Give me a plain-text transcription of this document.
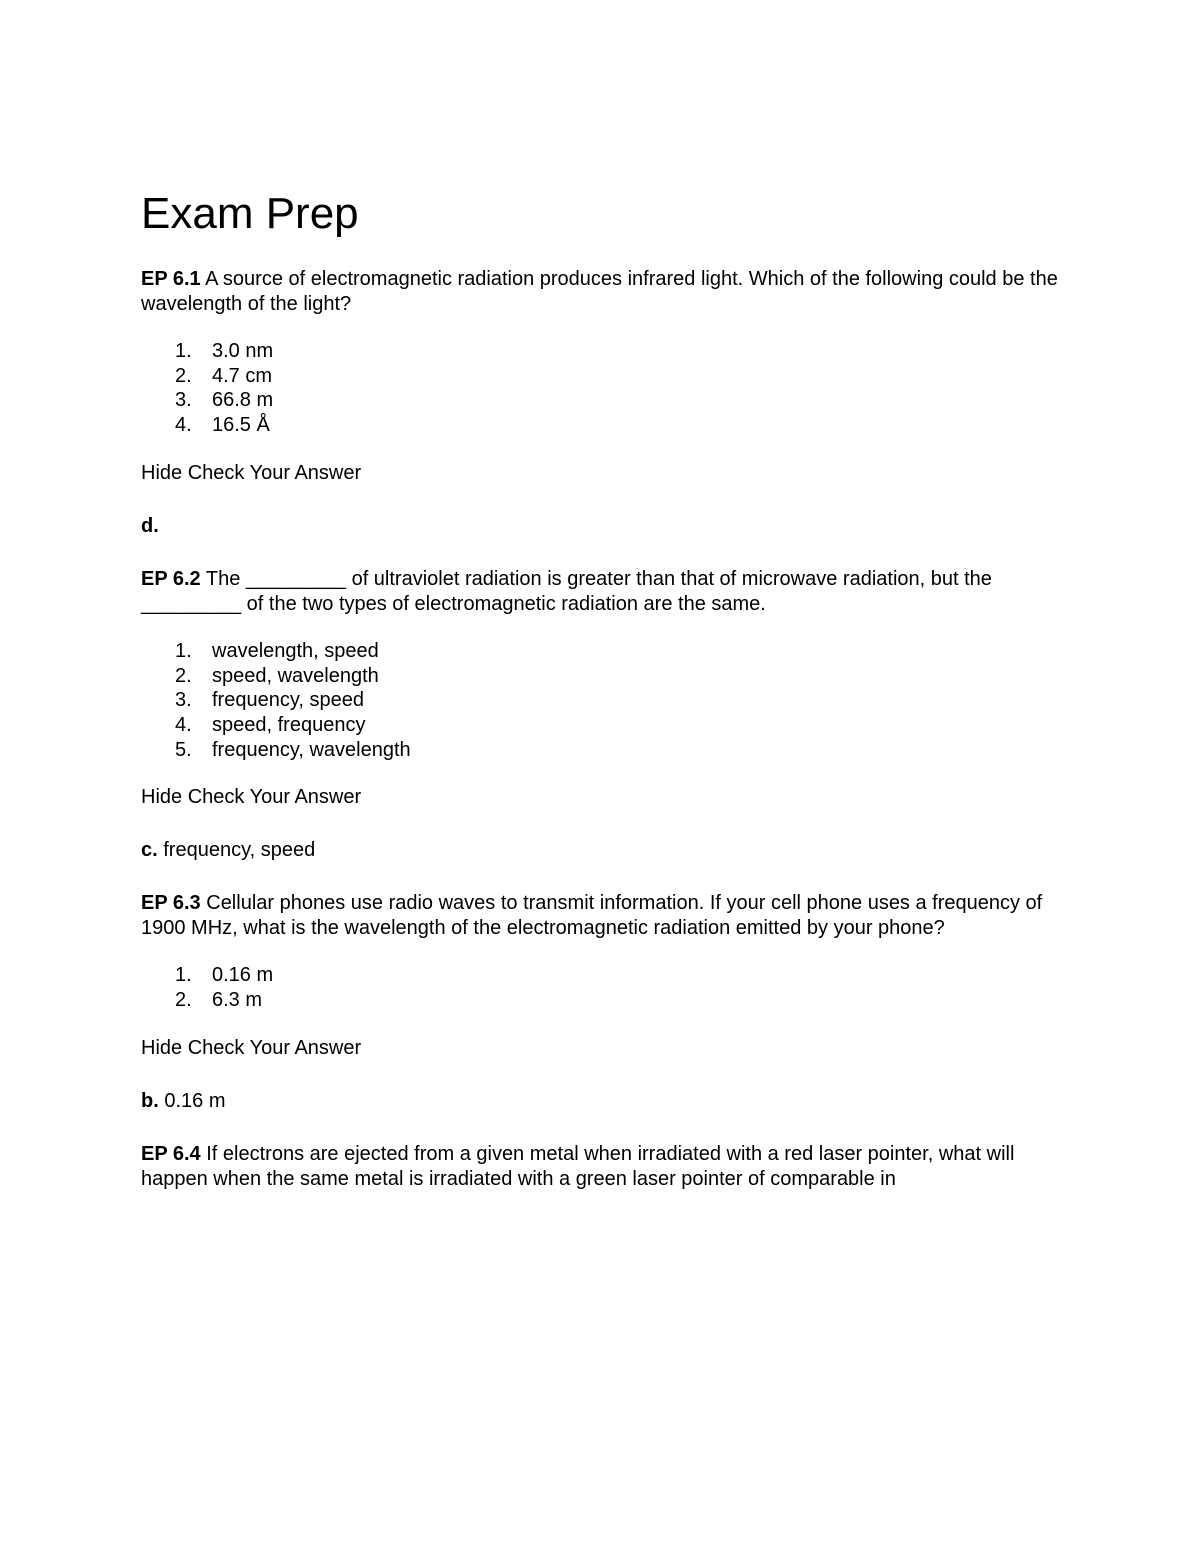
Exam Prep

EP 6.1 A source of electromagnetic radiation produces infrared light. Which of the following could be the wavelength of the light?

1.	3.0 nm
2.	4.7 cm
3.	66.8 m
4.	16.5 Å

Hide Check Your Answer

d.

EP 6.2 The _________ of ultraviolet radiation is greater than that of microwave radiation, but the _________ of the two types of electromagnetic radiation are the same.

1.	wavelength, speed
2.	speed, wavelength
3.	frequency, speed
4.	speed, frequency
5.	frequency, wavelength

Hide Check Your Answer

c. frequency, speed

EP 6.3 Cellular phones use radio waves to transmit information. If your cell phone uses a frequency of 1900 MHz, what is the wavelength of the electromagnetic radiation emitted by your phone?

1.	0.16 m
2.	6.3 m

Hide Check Your Answer

b. 0.16 m

EP 6.4 If electrons are ejected from a given metal when irradiated with a red laser pointer, what will happen when the same metal is irradiated with a green laser pointer of comparable in
